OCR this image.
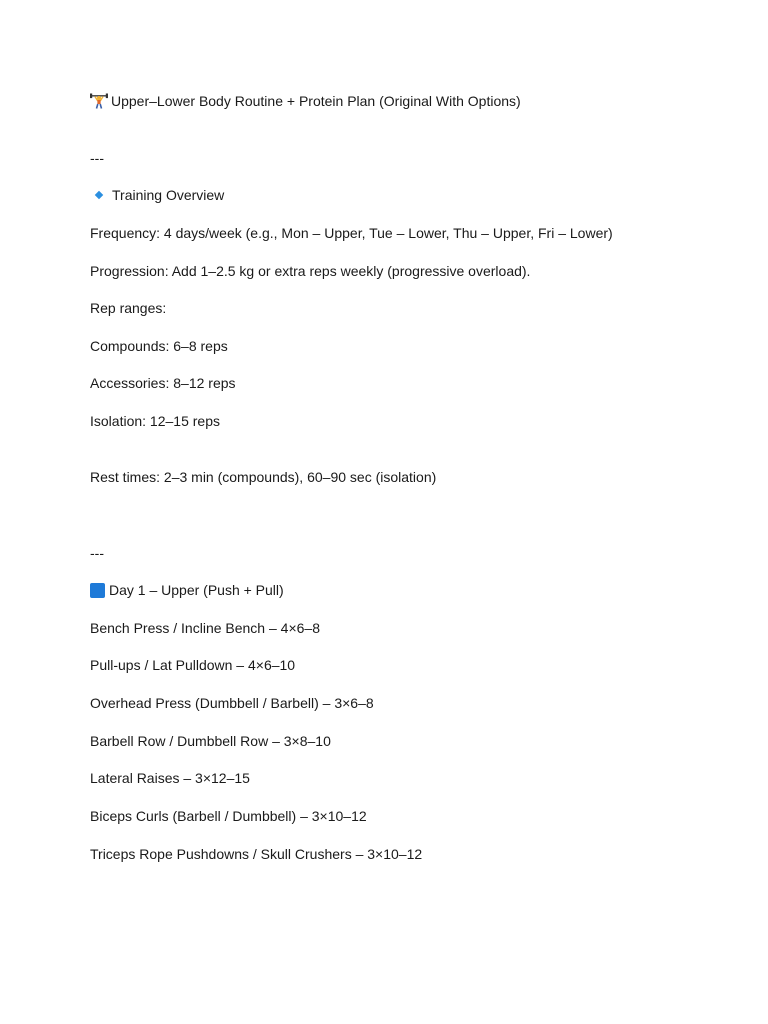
Upper–Lower Body Routine + Protein Plan (Original With Options)
---
Training Overview
Frequency: 4 days/week (e.g., Mon – Upper, Tue – Lower, Thu – Upper, Fri – Lower)
Progression: Add 1–2.5 kg or extra reps weekly (progressive overload).
Rep ranges:
Compounds: 6–8 reps
Accessories: 8–12 reps
Isolation: 12–15 reps
Rest times: 2–3 min (compounds), 60–90 sec (isolation)
---
Day 1 – Upper (Push + Pull)
Bench Press / Incline Bench – 4×6–8
Pull-ups / Lat Pulldown – 4×6–10
Overhead Press (Dumbbell / Barbell) – 3×6–8
Barbell Row / Dumbbell Row – 3×8–10
Lateral Raises – 3×12–15
Biceps Curls (Barbell / Dumbbell) – 3×10–12
Triceps Rope Pushdowns / Skull Crushers – 3×10–12
